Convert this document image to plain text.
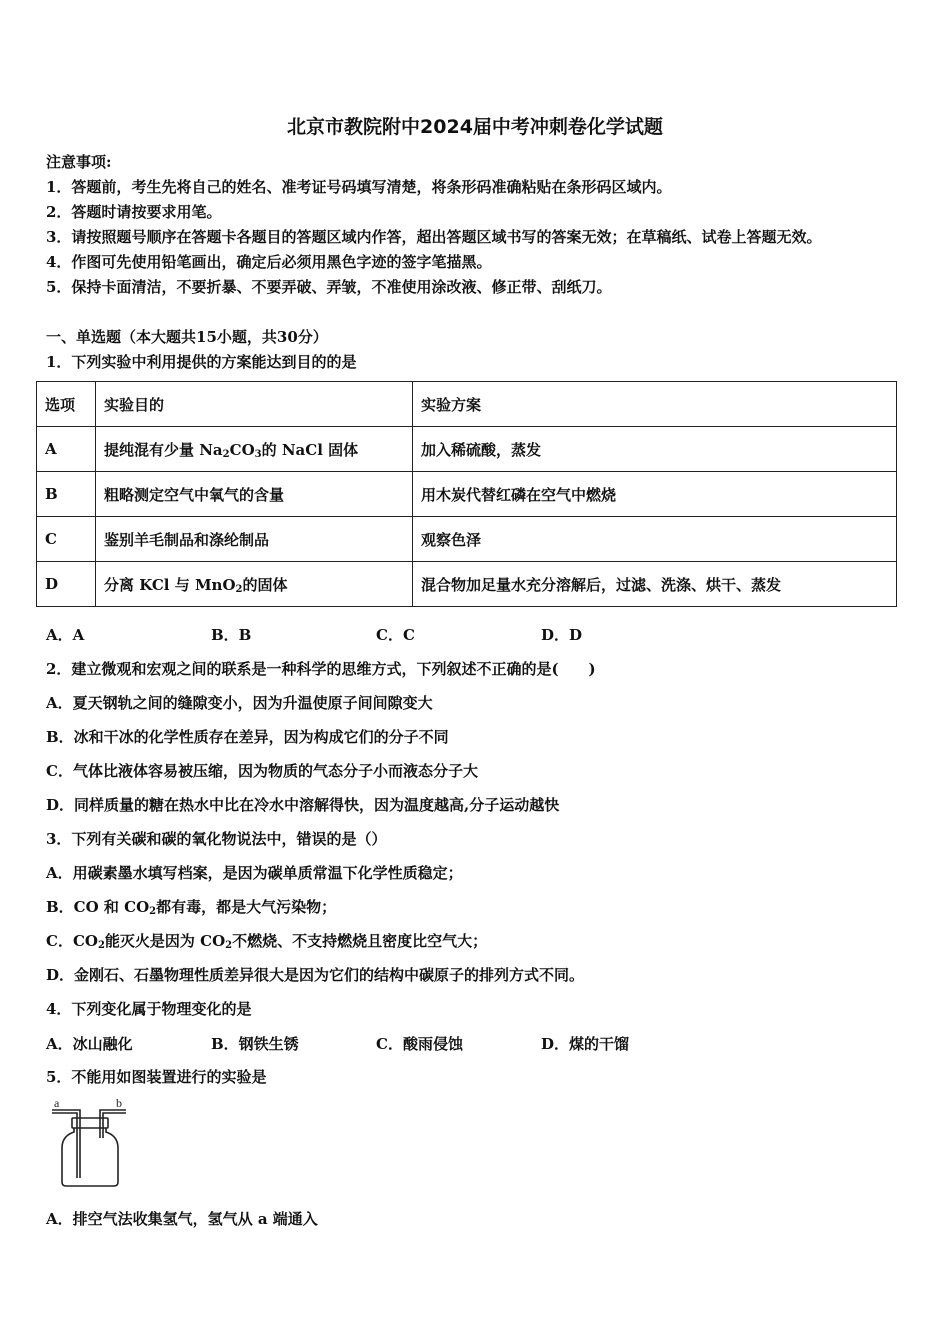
北京市教院附中2024届中考冲刺卷化学试题
注意事项:
1．答题前，考生先将自己的姓名、准考证号码填写清楚，将条形码准确粘贴在条形码区域内。
2．答题时请按要求用笔。
3．请按照题号顺序在答题卡各题目的答题区域内作答，超出答题区域书写的答案无效；在草稿纸、试卷上答题无效。
4．作图可先使用铅笔画出，确定后必须用黑色字迹的签字笔描黑。
5．保持卡面清洁，不要折暴、不要弄破、弄皱，不准使用涂改液、修正带、刮纸刀。
一、单选题（本大题共15小题，共30分）
1．下列实验中利用提供的方案能达到目的的是
选项	实验目的	实验方案
A	提纯混有少量 $Na_2CO_3$的 NaCl 固体	加入稀硫酸，蒸发
B	粗略测定空气中氧气的含量	用木炭代替红磷在空气中燃烧
C	鉴别羊毛制品和涤纶制品	观察色泽
D	分离 KCl 与 MnO$_2$的固体	混合物加足量水充分溶解后，过滤、洗涤、烘干、蒸发
A．A	B．B	C．C	D．D
2．建立微观和宏观之间的联系是一种科学的思维方式，下列叙述不正确的是(　　)
A．夏天钢轨之间的缝隙变小，因为升温使原子间间隙变大
B．冰和干冰的化学性质存在差异，因为构成它们的分子不同
C．气体比液体容易被压缩，因为物质的气态分子小而液态分子大
D．同样质量的糖在热水中比在冷水中溶解得快，因为温度越高,分子运动越快
3．下列有关碳和碳的氧化物说法中，错误的是（）
A．用碳素墨水填写档案，是因为碳单质常温下化学性质稳定；
B．CO 和 $CO_2$都有毒，都是大气污染物；
C．$CO_2$能灭火是因为 $CO_2$不燃烧、不支持燃烧且密度比空气大；
D．金刚石、石墨物理性质差异很大是因为它们的结构中碳原子的排列方式不同。
4．下列变化属于物理变化的是
A．冰山融化	B．钢铁生锈	C．酸雨侵蚀	D．煤的干馏
5．不能用如图装置进行的实验是
a	b
A．排空气法收集氢气，氢气从 a 端通入
